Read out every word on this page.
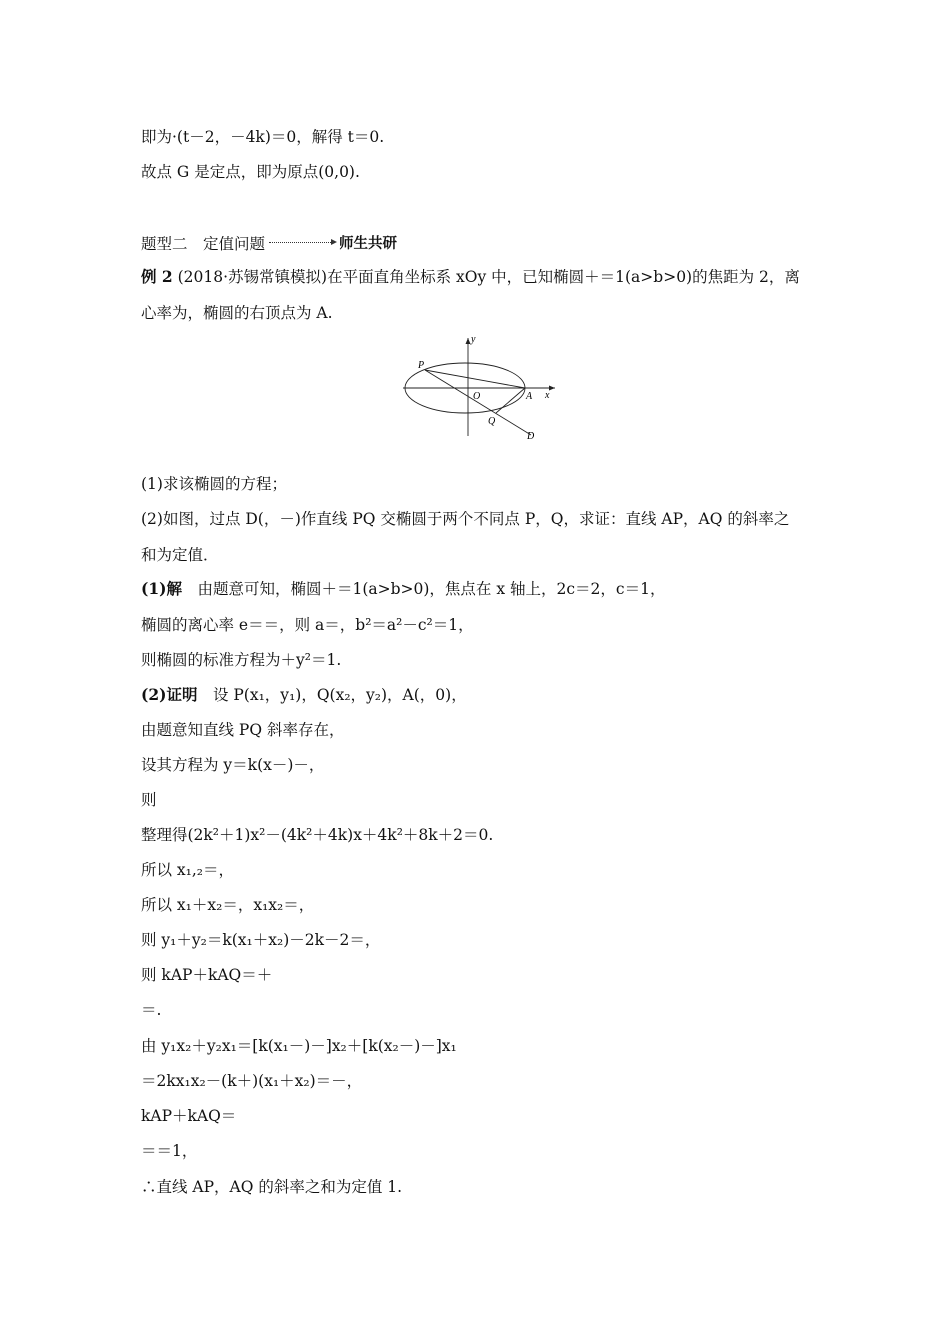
即为·(t－2，－4k)＝0，解得 t＝0.
故点 G 是定点，即为原点(0,0).
题型二　定值问题	师生共研
例 2 (2018·苏锡常镇模拟)在平面直角坐标系 xOy 中，已知椭圆＋＝1(a>b>0)的焦距为 2，离
心率为，椭圆的右顶点为 A.
P
y
x
O	A
Q
D
(1)求该椭圆的方程；
(2)如图，过点 D(，－)作直线 PQ 交椭圆于两个不同点 P，Q，求证：直线 AP，AQ 的斜率之
和为定值．
(1)解　由题意可知，椭圆＋＝1(a>b>0)，焦点在 x 轴上，2c＝2，c＝1，
椭圆的离心率 e＝＝，则 a＝，b²＝a²－c²＝1，
则椭圆的标准方程为＋y²＝1.
(2)证明　设 P(x₁，y₁)，Q(x₂，y₂)，A(，0)，
由题意知直线 PQ 斜率存在，
设其方程为 y＝k(x－)－，
则
整理得(2k²＋1)x²－(4k²＋4k)x＋4k²＋8k＋2＝0.
所以 x₁,₂＝，
所以 x₁＋x₂＝，x₁x₂＝，
则 y₁＋y₂＝k(x₁＋x₂)－2k－2＝，
则 kAP＋kAQ＝＋
＝.
由 y₁x₂＋y₂x₁＝[k(x₁－)－]x₂＋[k(x₂－)－]x₁
＝2kx₁x₂－(k＋)(x₁＋x₂)＝－，
kAP＋kAQ＝
＝＝1，
∴直线 AP，AQ 的斜率之和为定值 1.
